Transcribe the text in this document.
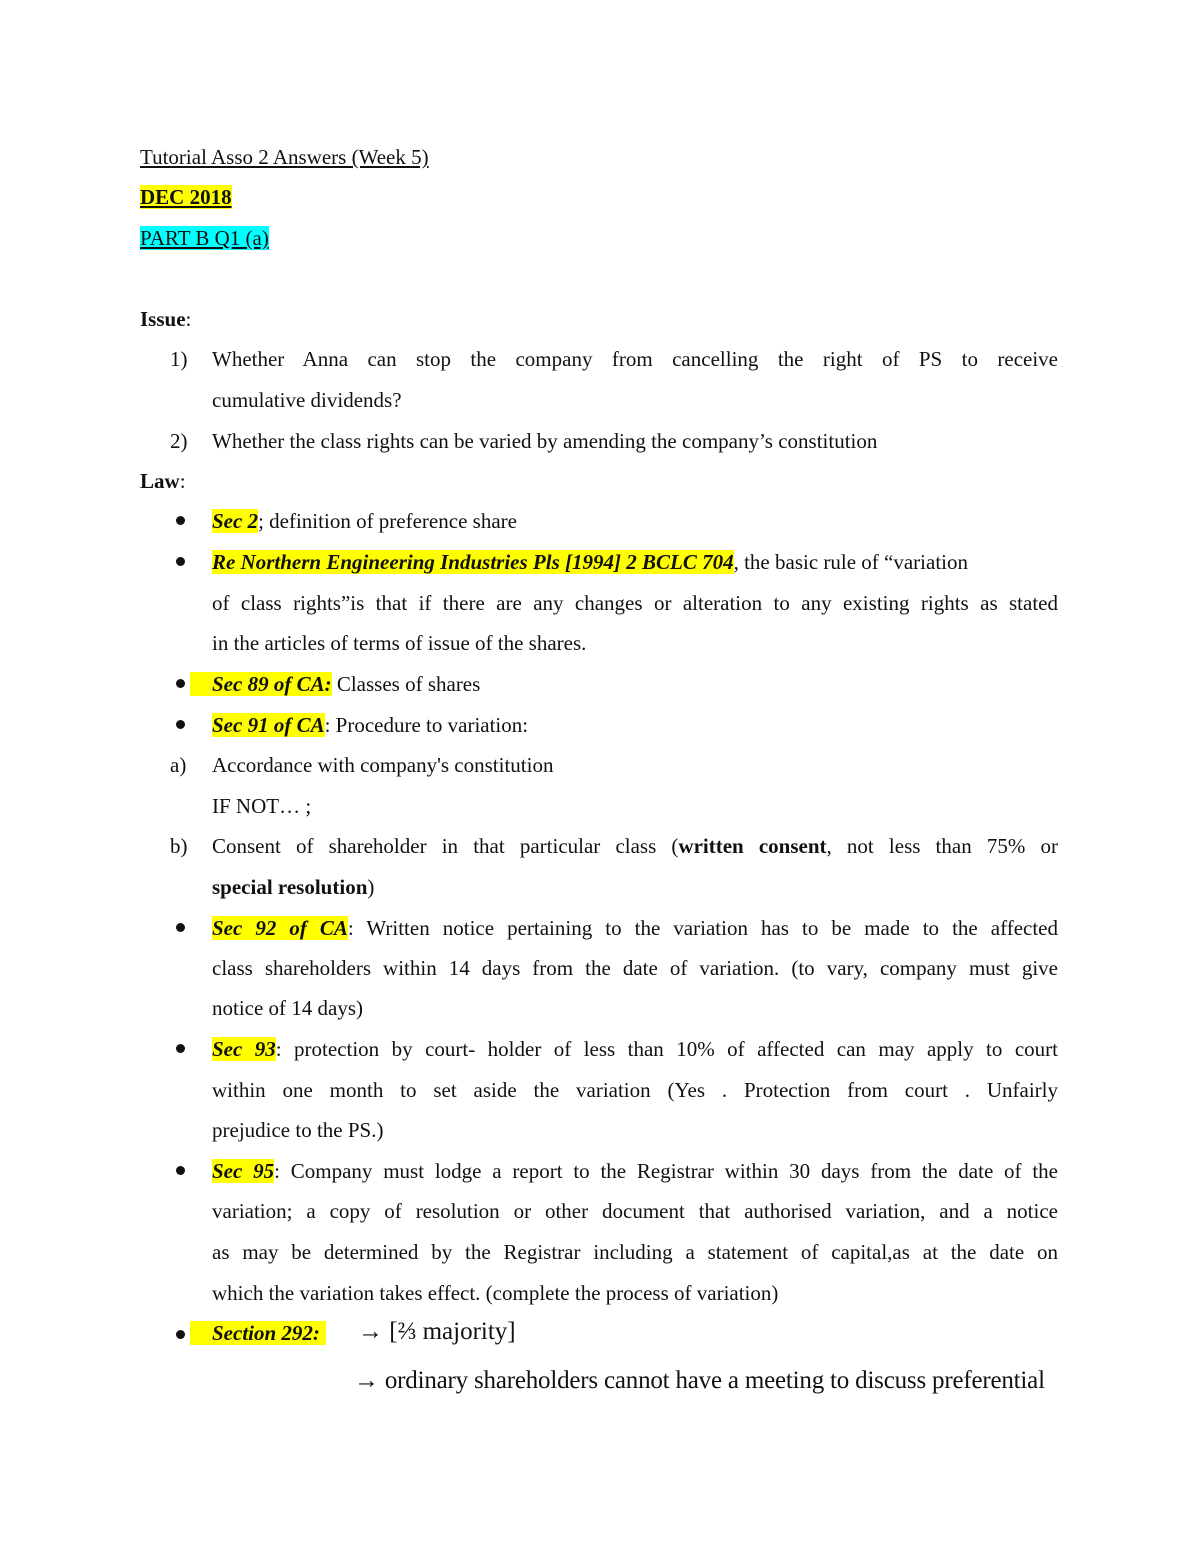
Tutorial Asso 2 Answers (Week 5)
DEC 2018
PART B Q1 (a)
Issue:
1) Whether Anna can stop the company from cancelling the right of PS to receive
cumulative dividends?
2) Whether the class rights can be varied by amending the company’s constitution
Law:
Sec 2; definition of preference share
Re Northern Engineering Industries Pls [1994] 2 BCLC 704, the basic rule of “variation
of class rights”is that if there are any changes or alteration to any existing rights as stated
in the articles of terms of issue of the shares.
Sec 89 of CA: Classes of shares
Sec 91 of CA: Procedure to variation:
a) Accordance with company's constitution
IF NOT… ;
b) Consent of shareholder in that particular class (written consent, not less than 75% or
special resolution)
Sec 92 of CA: Written notice pertaining to the variation has to be made to the affected
class shareholders within 14 days from the date of variation. (to vary, company must give
notice of 14 days)
Sec 93: protection by court- holder of less than 10% of affected can may apply to court
within one month to set aside the variation (Yes . Protection from court . Unfairly
prejudice to the PS.)
Sec 95: Company must lodge a report to the Registrar within 30 days from the date of the
variation; a copy of resolution or other document that authorised variation, and a notice
as may be determined by the Registrar including a statement of capital,as at the date on
which the variation takes effect. (complete the process of variation)
Section 292:	→ [⅔ majority]
→ ordinary shareholders cannot have a meeting to discuss preferential
